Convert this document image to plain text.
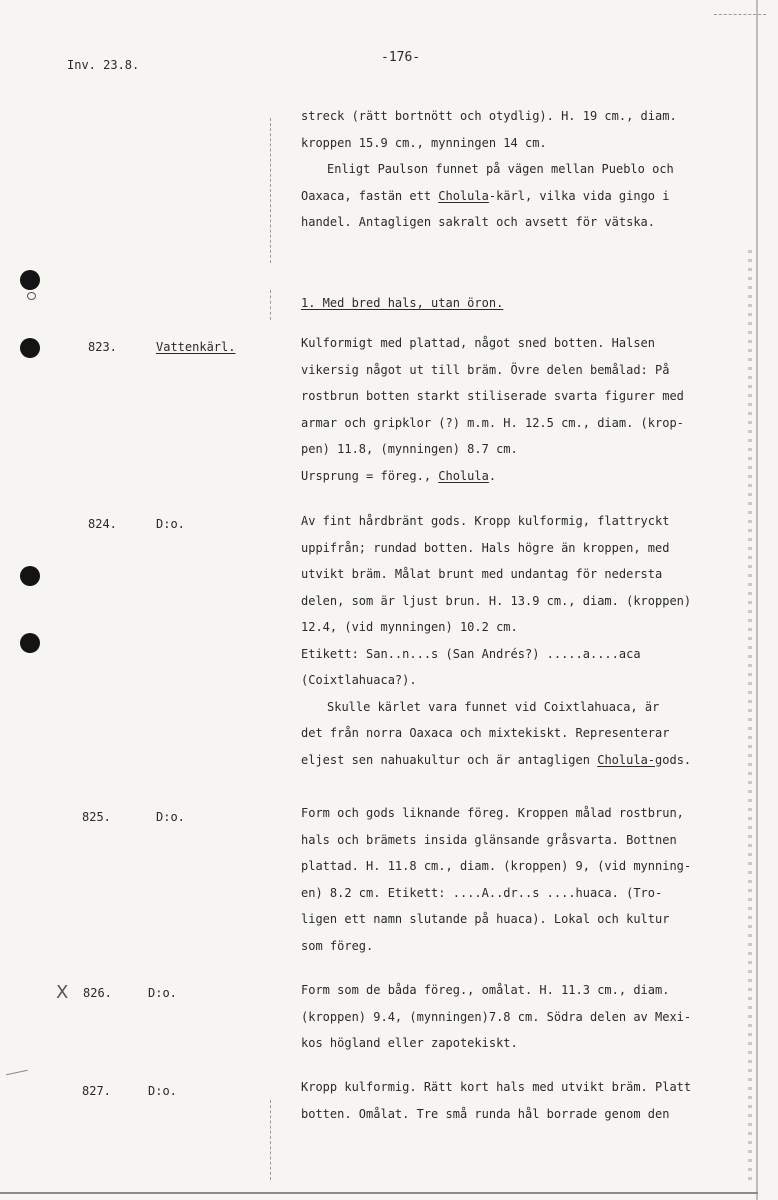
Inv. 23.8.	-176-
streck (rätt bortnött och otydlig). H. 19 cm., diam.
kroppen 15.9 cm., mynningen 14 cm.
Enligt Paulson funnet på vägen mellan Pueblo och
Oaxaca, fastän ett Cholula-kärl, vilka vida gingo i
handel. Antagligen sakralt och avsett för vätska.
1. Med bred hals, utan öron.
823.	Vattenkärl.	Kulformigt med plattad, något sned botten. Halsen
vikersig något ut till bräm. Övre delen bemålad: På
rostbrun botten starkt stiliserade svarta figurer med
armar och gripklor (?) m.m. H. 12.5 cm., diam. (krop-
pen) 11.8, (mynningen) 8.7 cm.
Ursprung = föreg., Cholula.
824.	D:o.	Av fint hårdbränt gods. Kropp kulformig, flattryckt
uppifrån; rundad botten. Hals högre än kroppen, med
utvikt bräm. Målat brunt med undantag för nedersta
delen, som är ljust brun. H. 13.9 cm., diam. (kroppen)
12.4, (vid mynningen) 10.2 cm.
Etikett: San..n...s (San Andrés?) .....a....aca
(Coixtlahuaca?).
Skulle kärlet vara funnet vid Coixtlahuaca, är
det från norra Oaxaca och mixtekiskt. Representerar
eljest sen nahuakultur och är antagligen Cholula-gods.
825.	D:o.	Form och gods liknande föreg. Kroppen målad rostbrun,
hals och brämets insida glänsande gråsvarta. Bottnen
plattad. H. 11.8 cm., diam. (kroppen) 9, (vid mynning-
en) 8.2 cm. Etikett: ....A..dr..s ....huaca. (Tro-
ligen ett namn slutande på huaca). Lokal och kultur
som föreg.
X 826.	D:o.	Form som de båda föreg., omålat. H. 11.3 cm., diam.
(kroppen) 9.4, (mynningen)7.8 cm. Södra delen av Mexi-
kos högland eller zapotekiskt.
827.	D:o.	Kropp kulformig. Rätt kort hals med utvikt bräm. Platt
botten. Omålat. Tre små runda hål borrade genom den
